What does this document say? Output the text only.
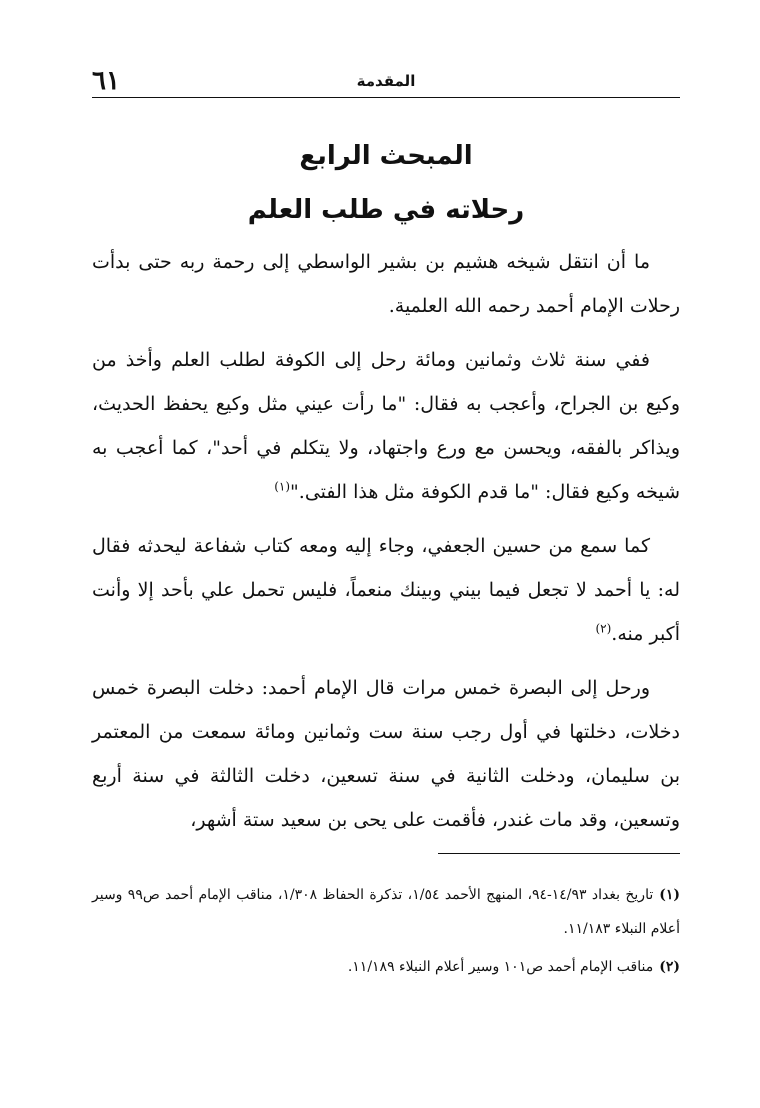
٦١	المقدمة
المبحث الرابع
رحلاته في طلب العلم

ما أن انتقل شيخه هشيم بن بشير الواسطي إلى رحمة ربه حتى بدأت رحلات الإمام أحمد رحمه الله العلمية.

ففي سنة ثلاث وثمانين ومائة رحل إلى الكوفة لطلب العلم وأخذ من وكيع بن الجراح، وأعجب به فقال: "ما رأت عيني مثل وكيع يحفظ الحديث، ويذاكر بالفقه، ويحسن مع ورع واجتهاد، ولا يتكلم في أحد"، كما أعجب به شيخه وكيع فقال: "ما قدم الكوفة مثل هذا الفتى."$^{(١)}$

كما سمع من حسين الجعفي، وجاء إليه ومعه كتاب شفاعة ليحدثه فقال له: يا أحمد لا تجعل فيما بيني وبينك منعماً، فليس تحمل علي بأحد إلا وأنت أكبر منه.$^{(٢)}$

ورحل إلى البصرة خمس مرات قال الإمام أحمد: دخلت البصرة خمس دخلات، دخلتها في أول رجب سنة ست وثمانين ومائة سمعت من المعتمر بن سليمان، ودخلت الثانية في سنة تسعين، دخلت الثالثة في سنة أربع وتسعين، وقد مات غندر، فأقمت على يحى بن سعيد ستة أشهر،

(١)تاريخ بغداد ١٤/٩٣-٩٤، المنهج الأحمد ١/٥٤، تذكرة الحفاظ ١/٣٠٨، مناقب الإمام أحمد ص٩٩ وسير أعلام النبلاء ١١/١٨٣.

(٢)مناقب الإمام أحمد ص١٠١ وسير أعلام النبلاء ١١/١٨٩.
